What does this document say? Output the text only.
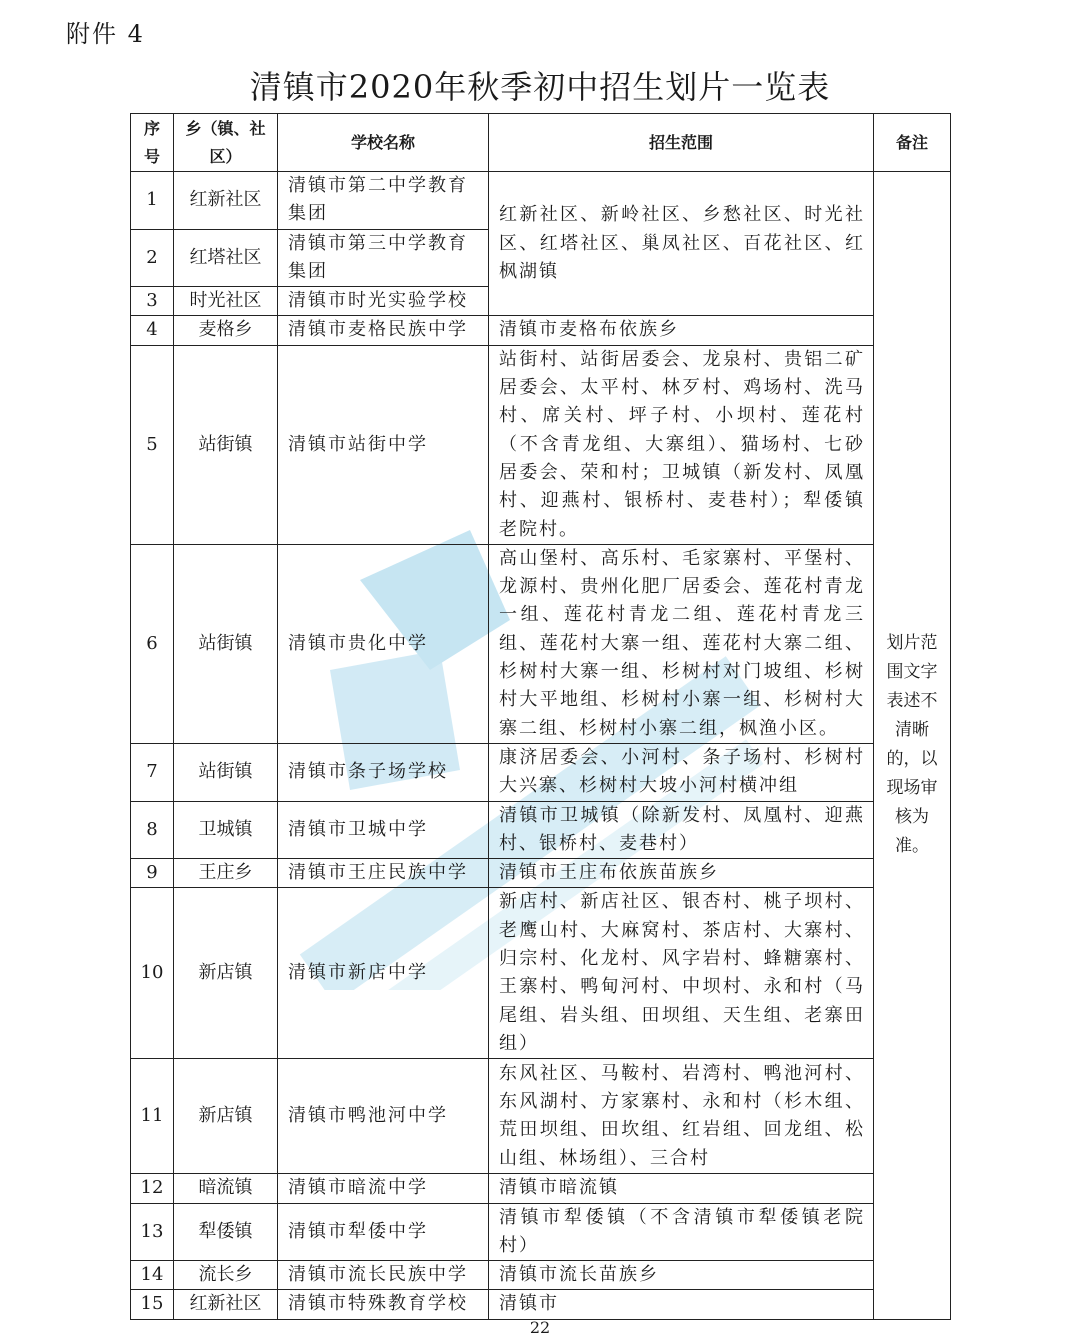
附件 4
清镇市2020年秋季初中招生划片一览表
序号	乡（镇、社区）	学校名称	招生范围	备注
1	红新社区	清镇市第二中学教育集团	红新社区、新岭社区、乡愁社区、时光社区、红塔社区、巢凤社区、百花社区、红枫湖镇	划片范围文字表述不清晰的，以现场审核为准。
2	红塔社区	清镇市第三中学教育集团		
3	时光社区	清镇市时光实验学校		
4	麦格乡	清镇市麦格民族中学	清镇市麦格布依族乡	
5	站街镇	清镇市站街中学	站街村、站街居委会、龙泉村、贵铝二矿居委会、太平村、林歹村、鸡场村、洗马村、席关村、坪子村、小坝村、莲花村（不含青龙组、大寨组）、猫场村、七砂居委会、荣和村；卫城镇（新发村、凤凰村、迎燕村、银桥村、麦巷村）；犁倭镇老院村。	
6	站街镇	清镇市贵化中学	高山堡村、高乐村、毛家寨村、平堡村、龙源村、贵州化肥厂居委会、莲花村青龙一组、莲花村青龙二组、莲花村青龙三组、莲花村大寨一组、莲花村大寨二组、杉树村大寨一组、杉树村对门坡组、杉树村大平地组、杉树村小寨一组、杉树村大寨二组、杉树村小寨二组，枫渔小区。	
7	站街镇	清镇市条子场学校	康济居委会、小河村、条子场村、杉树村大兴寨、杉树村大坡小河村横冲组	
8	卫城镇	清镇市卫城中学	清镇市卫城镇（除新发村、凤凰村、迎燕村、银桥村、麦巷村）	
9	王庄乡	清镇市王庄民族中学	清镇市王庄布依族苗族乡	
10	新店镇	清镇市新店中学	新店村、新店社区、银杏村、桃子坝村、老鹰山村、大麻窝村、茶店村、大寨村、归宗村、化龙村、风字岩村、蜂糖寨村、王寨村、鸭甸河村、中坝村、永和村（马尾组、岩头组、田坝组、天生组、老寨田组）	
11	新店镇	清镇市鸭池河中学	东风社区、马鞍村、岩湾村、鸭池河村、东风湖村、方家寨村、永和村（杉木组、荒田坝组、田坎组、红岩组、回龙组、松山组、林场组）、三合村	
12	暗流镇	清镇市暗流中学	清镇市暗流镇	
13	犁倭镇	清镇市犁倭中学	清镇市犁倭镇（不含清镇市犁倭镇老院村）	
14	流长乡	清镇市流长民族中学	清镇市流长苗族乡	
15	红新社区	清镇市特殊教育学校	清镇市	
22
